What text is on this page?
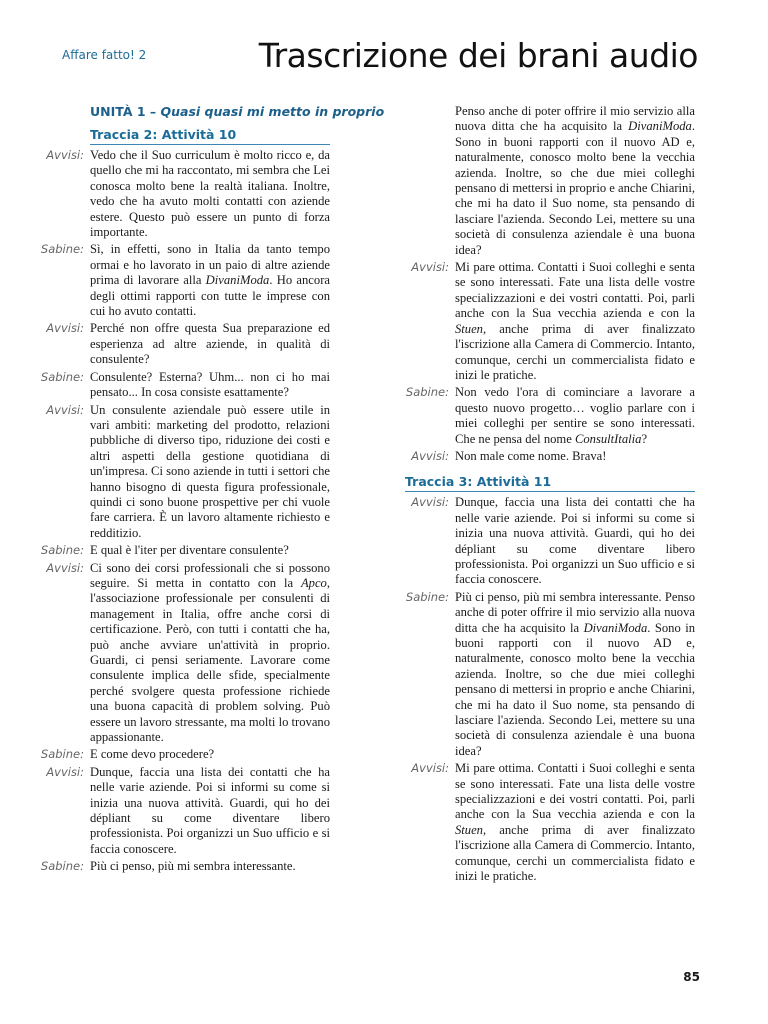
Affare fatto! 2	Trascrizione dei brani audio
UNITÀ 1 – Quasi quasi mi metto in proprio
Traccia 2: Attività 10
Avvisi: Vedo che il Suo curriculum è molto ricco e, da quello che mi ha raccontato, mi sembra che Lei conosca molto bene la realtà italiana. Inoltre, vedo che ha avuto molti contatti con aziende estere. Questo può essere un punto di forza importante.
Sabine: Sì, in effetti, sono in Italia da tanto tempo ormai e ho lavorato in un paio di altre aziende prima di lavorare alla DivaniModa. Ho ancora degli ottimi rapporti con tutte le imprese con cui ho avuto contatti.
Avvisi: Perché non offre questa Sua preparazione ed esperienza ad altre aziende, in qualità di consulente?
Sabine: Consulente? Esterna? Uhm... non ci ho mai pensato... In cosa consiste esattamente?
Avvisi: Un consulente aziendale può essere utile in vari ambiti: marketing del prodotto, relazioni pubbliche di diverso tipo, riduzione dei costi e altri aspetti della gestione quotidiana di un'impresa. Ci sono aziende in tutti i settori che hanno bisogno di questa figura professionale, quindi ci sono buone prospettive per chi vuole fare carriera. È un lavoro altamente richiesto e redditizio.
Sabine: E qual è l'iter per diventare consulente?
Avvisi: Ci sono dei corsi professionali che si possono seguire. Si metta in contatto con la Apco, l'associazione professionale per consulenti di management in Italia, offre anche corsi di certificazione. Però, con tutti i contatti che ha, può anche avviare un'attività in proprio. Guardi, ci pensi seriamente. Lavorare come consulente implica delle sfide, specialmente perché svolgere questa professione richiede una buona capacità di problem solving. Può essere un lavoro stressante, ma molti lo trovano appassionante.
Sabine: E come devo procedere?
Avvisi: Dunque, faccia una lista dei contatti che ha nelle varie aziende. Poi si informi su come si inizia una nuova attività. Guardi, qui ho dei dépliant su come diventare libero professionista. Poi organizzi un Suo ufficio e si faccia conoscere.
Sabine: Più ci penso, più mi sembra interessante.
Penso anche di poter offrire il mio servizio alla nuova ditta che ha acquisito la DivaniModa. Sono in buoni rapporti con il nuovo AD e, naturalmente, conosco molto bene la vecchia azienda. Inoltre, so che due miei colleghi pensano di mettersi in proprio e anche Chiarini, che mi ha dato il Suo nome, sta pensando di lasciare l'azienda. Secondo Lei, mettere su una società di consulenza aziendale è una buona idea?
Avvisi: Mi pare ottima. Contatti i Suoi colleghi e senta se sono interessati. Fate una lista delle vostre specializzazioni e dei vostri contatti. Poi, parli anche con la Sua vecchia azienda e con la Stuen, anche prima di aver finalizzato l'iscrizione alla Camera di Commercio. Intanto, comunque, cerchi un commercialista fidato e inizi le pratiche.
Sabine: Non vedo l'ora di cominciare a lavorare a questo nuovo progetto… voglio parlare con i miei colleghi per sentire se sono interessati. Che ne pensa del nome ConsultItalia?
Avvisi: Non male come nome. Brava!
Traccia 3: Attività 11
Avvisi: Dunque, faccia una lista dei contatti che ha nelle varie aziende. Poi si informi su come si inizia una nuova attività. Guardi, qui ho dei dépliant su come diventare libero professionista. Poi organizzi un Suo ufficio e si faccia conoscere.
Sabine: Più ci penso, più mi sembra interessante. Penso anche di poter offrire il mio servizio alla nuova ditta che ha acquisito la DivaniModa. Sono in buoni rapporti con il nuovo AD e, naturalmente, conosco molto bene la vecchia azienda. Inoltre, so che due miei colleghi pensano di mettersi in proprio e anche Chiarini, che mi ha dato il Suo nome, sta pensando di lasciare l'azienda. Secondo Lei, mettere su una società di consulenza aziendale è una buona idea?
Avvisi: Mi pare ottima. Contatti i Suoi colleghi e senta se sono interessati. Fate una lista delle vostre specializzazioni e dei vostri contatti. Poi, parli anche con la Sua vecchia azienda e con la Stuen, anche prima di aver finalizzato l'iscrizione alla Camera di Commercio. Intanto, comunque, cerchi un commercialista fidato e inizi le pratiche.
85
